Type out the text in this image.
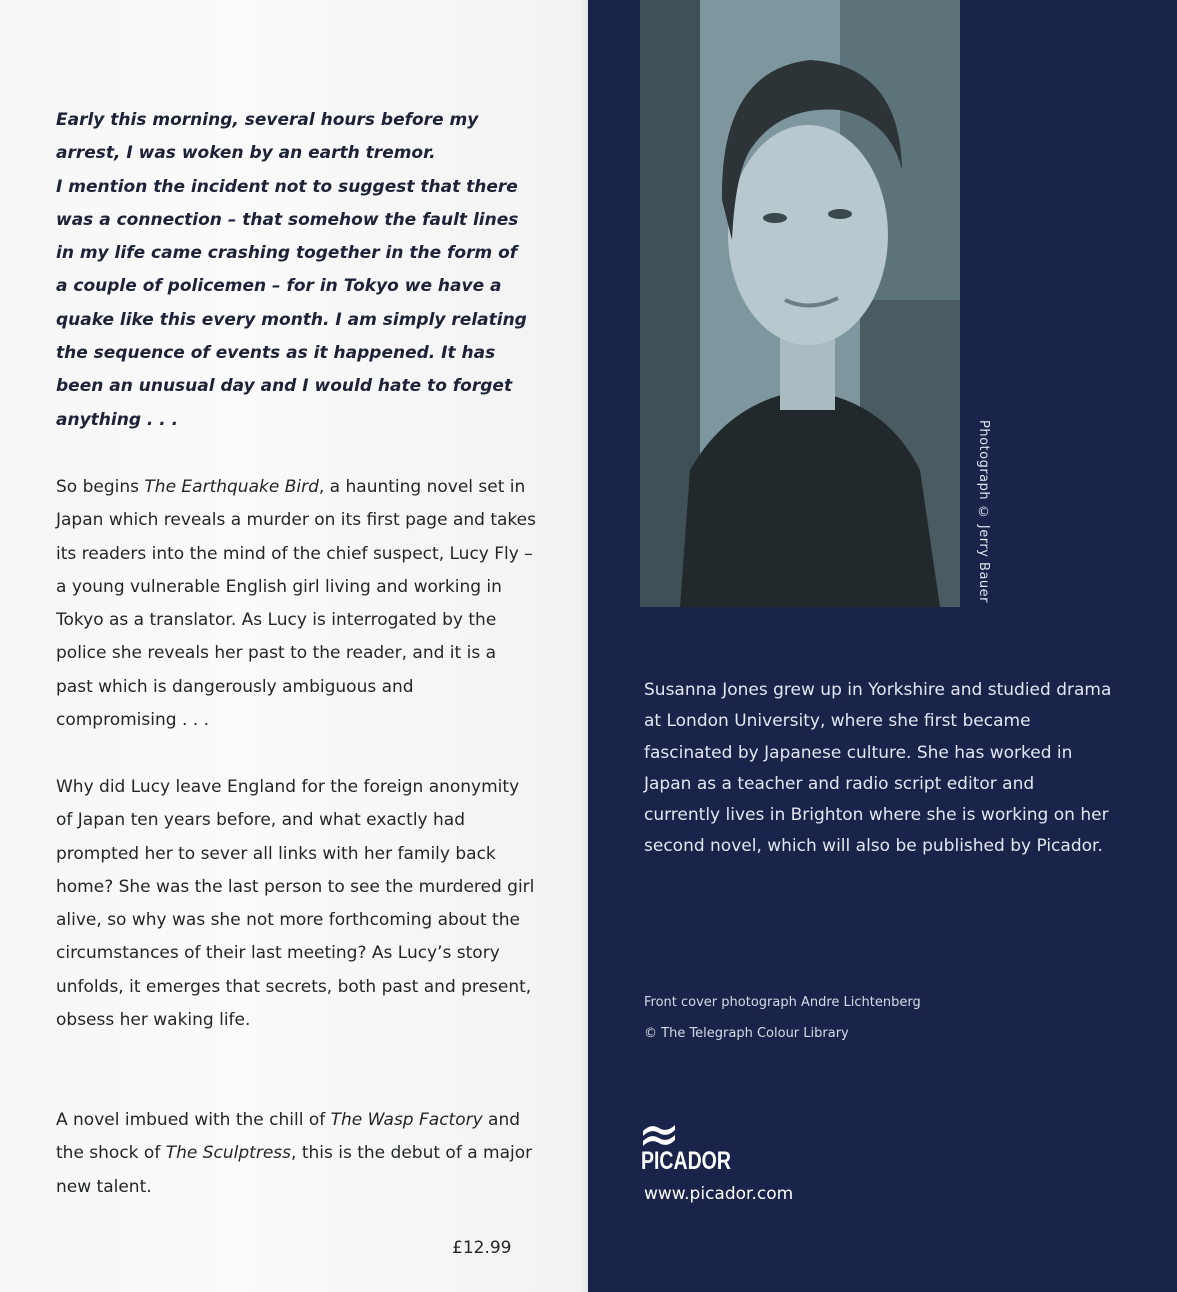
Early this morning, several hours before my
arrest, I was woken by an earth tremor.
I mention the incident not to suggest that there
was a connection – that somehow the fault lines
in my life came crashing together in the form of
a couple of policemen – for in Tokyo we have a
quake like this every month. I am simply relating
the sequence of events as it happened. It has
been an unusual day and I would hate to forget
anything . . .

So begins The Earthquake Bird, a haunting novel set in Japan which reveals a murder on its first page and takes its readers into the mind of the chief suspect, Lucy Fly – a young vulnerable English girl living and working in Tokyo as a translator. As Lucy is interrogated by the police she reveals her past to the reader, and it is a past which is dangerously ambiguous and compromising . . .

Why did Lucy leave England for the foreign anonymity of Japan ten years before, and what exactly had prompted her to sever all links with her family back home? She was the last person to see the murdered girl alive, so why was she not more forthcoming about the circumstances of their last meeting? As Lucy’s story unfolds, it emerges that secrets, both past and present, obsess her waking life.

A novel imbued with the chill of The Wasp Factory and the shock of The Sculptress, this is the debut of a major new talent.

£12.99
Photograph © Jerry Bauer

Susanna Jones grew up in Yorkshire and studied drama at London University, where she first became fascinated by Japanese culture. She has worked in Japan as a teacher and radio script editor and currently lives in Brighton where she is working on her second novel, which will also be published by Picador.

Front cover photograph Andre Lichtenberg
© The Telegraph Colour Library
PICADOR
www.picador.com
